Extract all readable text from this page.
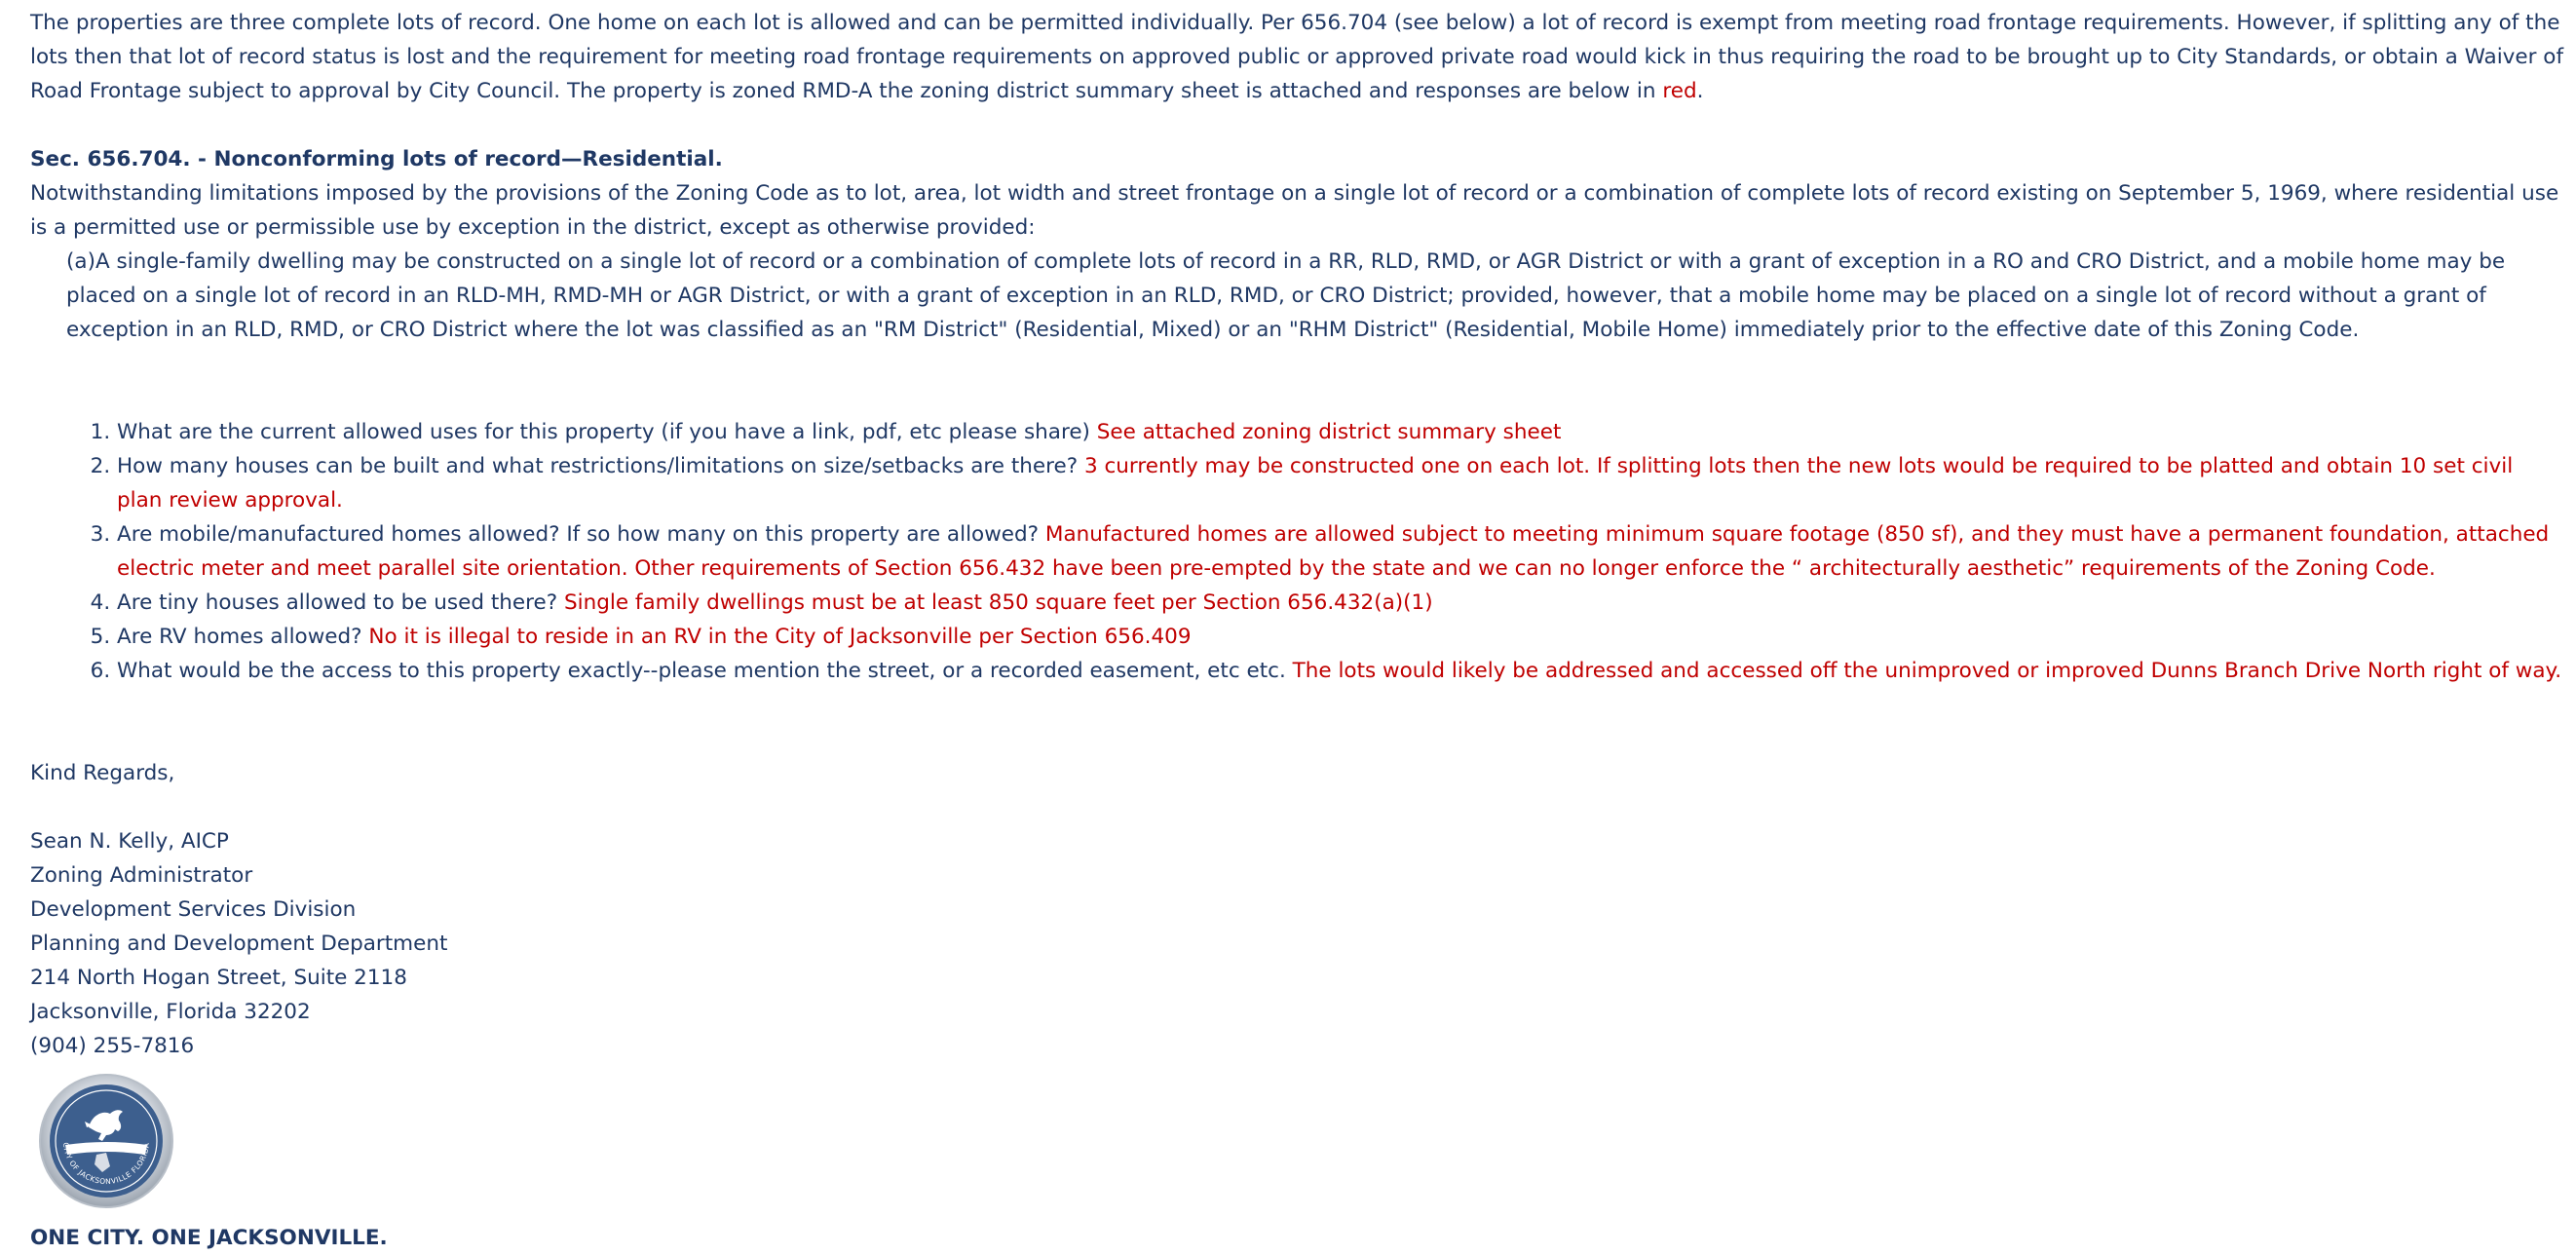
The properties are three complete lots of record. One home on each lot is allowed and can be permitted individually. Per 656.704 (see below) a lot of record is exempt from meeting road frontage requirements. However, if splitting any of the lots then that lot of record status is lost and the requirement for meeting road frontage requirements on approved public or approved private road would kick in thus requiring the road to be brought up to City Standards, or obtain a Waiver of Road Frontage subject to approval by City Council. The property is zoned RMD-A the zoning district summary sheet is attached and responses are below in red.

Sec. 656.704. - Nonconforming lots of record—Residential.

Notwithstanding limitations imposed by the provisions of the Zoning Code as to lot, area, lot width and street frontage on a single lot of record or a combination of complete lots of record existing on September 5, 1969, where residential use is a permitted use or permissible use by exception in the district, except as otherwise provided:

(a)A single-family dwelling may be constructed on a single lot of record or a combination of complete lots of record in a RR, RLD, RMD, or AGR District or with a grant of exception in a RO and CRO District, and a mobile home may be placed on a single lot of record in an RLD-MH, RMD-MH or AGR District, or with a grant of exception in an RLD, RMD, or CRO District; provided, however, that a mobile home may be placed on a single lot of record without a grant of exception in an RLD, RMD, or CRO District where the lot was classified as an "RM District" (Residential, Mixed) or an "RHM District" (Residential, Mobile Home) immediately prior to the effective date of this Zoning Code.

1. What are the current allowed uses for this property (if you have a link, pdf, etc please share) See attached zoning district summary sheet
2. How many houses can be built and what restrictions/limitations on size/setbacks are there? 3 currently may be constructed one on each lot. If splitting lots then the new lots would be required to be platted and obtain 10 set civil plan review approval.
3. Are mobile/manufactured homes allowed? If so how many on this property are allowed? Manufactured homes are allowed subject to meeting minimum square footage (850 sf), and they must have a permanent foundation, attached electric meter and meet parallel site orientation. Other requirements of Section 656.432 have been pre-empted by the state and we can no longer enforce the “ architecturally aesthetic” requirements of the Zoning Code.
4. Are tiny houses allowed to be used there? Single family dwellings must be at least 850 square feet per Section 656.432(a)(1)
5. Are RV homes allowed? No it is illegal to reside in an RV in the City of Jacksonville per Section 656.409
6. What would be the access to this property exactly--please mention the street, or a recorded easement, etc etc. The lots would likely be addressed and accessed off the unimproved or improved Dunns Branch Drive North right of way.

Kind Regards,

Sean N. Kelly, AICP
Zoning Administrator
Development Services Division
Planning and Development Department
214 North Hogan Street, Suite 2118
Jacksonville, Florida 32202
(904) 255-7816
CITY OF JACKSONVILLE FLORIDA

ONE CITY. ONE JACKSONVILLE.
